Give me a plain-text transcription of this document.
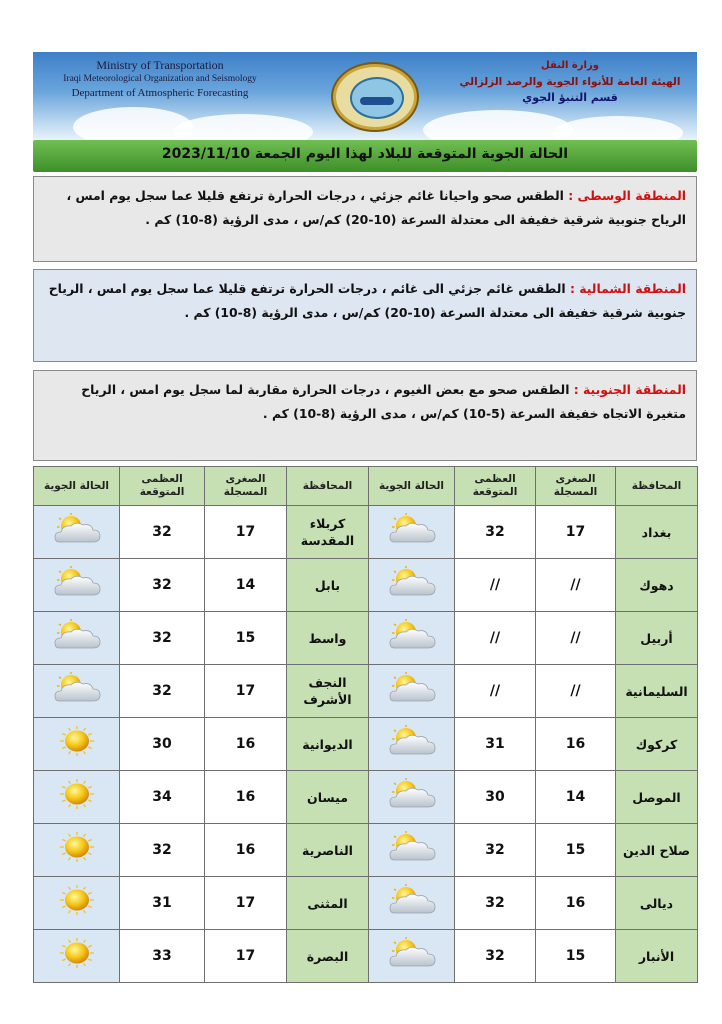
Ministry of Transportation
Iraqi Meteorological Organization and Seismology
Department of Atmospheric Forecasting
وزارة النقل
الهيئة العامة للأنواء الجوية والرصد الزلزالي
قسم التنبؤ الجوي
الحالة الجوية المتوقعة للبلاد لهذا اليوم الجمعة 2023/11/10
المنطقة الوسطى : الطقس صحو واحيانا غائم جزئي ، درجات الحرارة ترتفع قليلا عما سجل يوم امس ، الرياح جنوبية شرقية خفيفة الى معتدلة السرعة (10-20) كم/س ، مدى الرؤية (8-10) كم .
المنطقة الشمالية : الطقس غائم جزئي الى غائم ، درجات الحرارة ترتفع قليلا عما سجل يوم امس ، الرياح جنوبية شرقية خفيفة الى معتدلة السرعة (10-20) كم/س ، مدى الرؤية (8-10) كم .
المنطقة الجنوبية : الطقس صحو مع بعض الغيوم ، درجات الحرارة مقاربة لما سجل يوم امس ، الرياح متغيرة الاتجاه خفيفة السرعة (5-10) كم/س ، مدى الرؤية (8-10) كم .
المحافظة	الصغرى المسجلة	العظمى المتوقعة	الحالة الجوية	المحافظة	الصغرى المسجلة	العظمى المتوقعة	الحالة الجوية
بغداد	17	32		كربلاء المقدسة	17	32	
دهوك	//	//		بابل	14	32	
أربيل	//	//		واسط	15	32	
السليمانية	//	//		النجف الأشرف	17	32	
كركوك	16	31		الديوانية	16	30	
الموصل	14	30		ميسان	16	34	
صلاح الدين	15	32		الناصرية	16	32	
ديالى	16	32		المثنى	17	31	
الأنبار	15	32		البصرة	17	33	
